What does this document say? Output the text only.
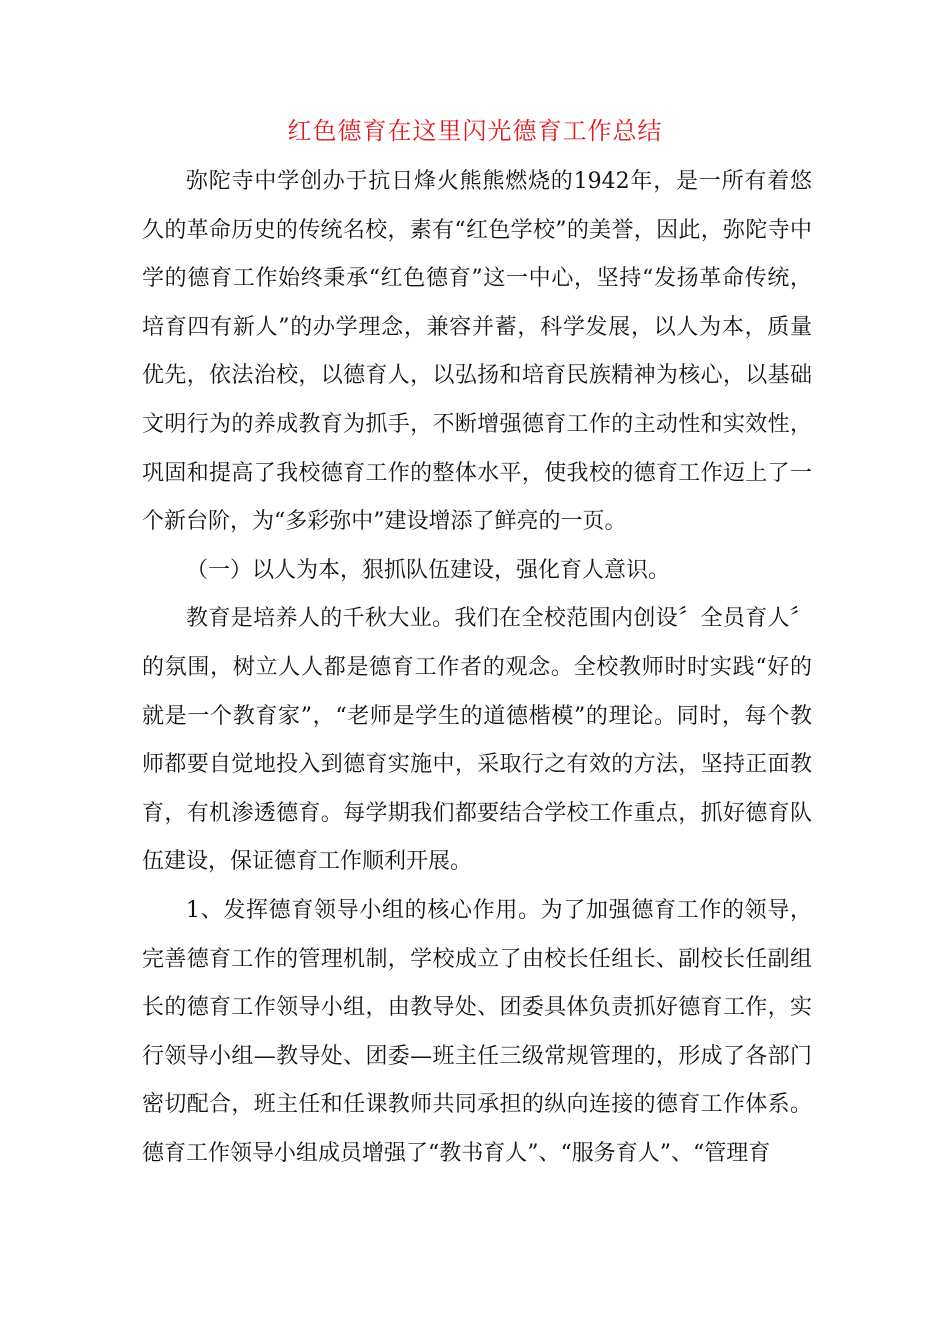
红色德育在这里闪光德育工作总结

弥陀寺中学创办于抗日烽火熊熊燃烧的1942年，是一所有着悠久的革命历史的传统名校，素有“红色学校”的美誉，因此，弥陀寺中学的德育工作始终秉承“红色德育”这一中心，坚持“发扬革命传统，培育四有新人”的办学理念，兼容并蓄，科学发展，以人为本，质量优先，依法治校，以德育人，以弘扬和培育民族精神为核心，以基础文明行为的养成教育为抓手，不断增强德育工作的主动性和实效性，巩固和提高了我校德育工作的整体水平，使我校的德育工作迈上了一个新台阶，为“多彩弥中”建设增添了鲜亮的一页。

（一）以人为本，狠抓队伍建设，强化育人意识。

教育是培养人的千秋大业。我们在全校范围内创设〞全员育人〞的氛围，树立人人都是德育工作者的观念。全校教师时时实践“好的就是一个教育家”，“老师是学生的道德楷模”的理论。同时，每个教师都要自觉地投入到德育实施中，采取行之有效的方法，坚持正面教育，有机渗透德育。每学期我们都要结合学校工作重点，抓好德育队伍建设，保证德育工作顺利开展。

1、发挥德育领导小组的核心作用。为了加强德育工作的领导，完善德育工作的管理机制，学校成立了由校长任组长、副校长任副组长的德育工作领导小组，由教导处、团委具体负责抓好德育工作，实行领导小组—教导处、团委—班主任三级常规管理的，形成了各部门密切配合，班主任和任课教师共同承担的纵向连接的德育工作体系。德育工作领导小组成员增强了“教书育人”、“服务育人”、“管理育
